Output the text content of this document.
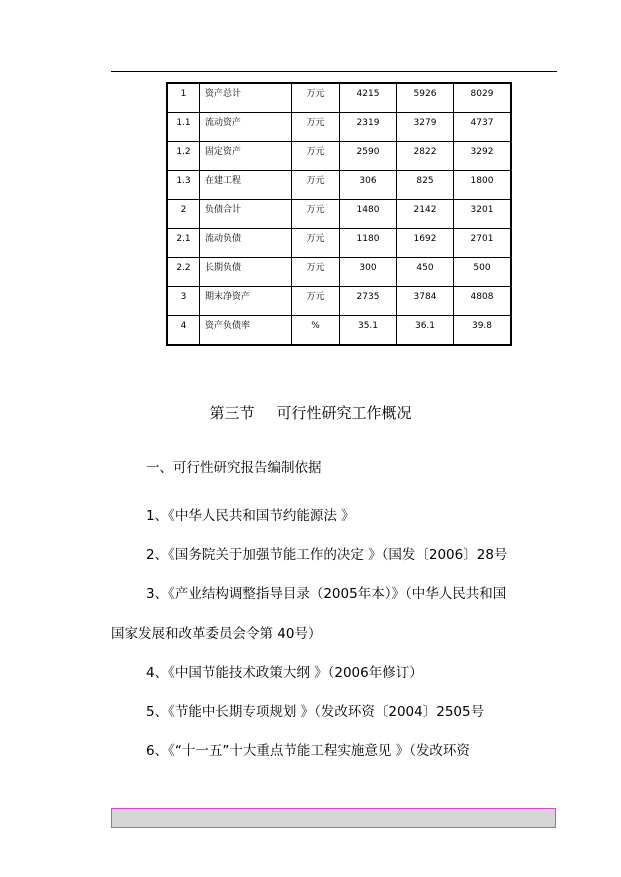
1	资产总计	万元	4215	5926	8029

1.1	流动资产	万元	2319	3279	4737

1.2	固定资产	万元	2590	2822	3292

1.3	在建工程	万元	306	825	1800

2	负债合计	万元	1480	2142	3201

2.1	流动负债	万元	1180	1692	2701

2.2	长期负债	万元	300	450	500

3	期末净资产	万元	2735	3784	4808

4	资产负债率	%	35.1	36.1	39.8
第三节 可行性研究工作概况
一、可行性研究报告编制依据
1、《中华人民共和国节约能源法 》
2、《国务院关于加强节能工作的决定 》（国发〔2006〕28号
3、《产业结构调整指导目录（2005年本）》（中华人民共和国
国家发展和改革委员会令第 40号）
4、《中国节能技术政策大纲 》（2006年修订）
5、《节能中长期专项规划 》（发改环资〔2004〕2505号
6、《“十一五”十大重点节能工程实施意见 》（发改环资
